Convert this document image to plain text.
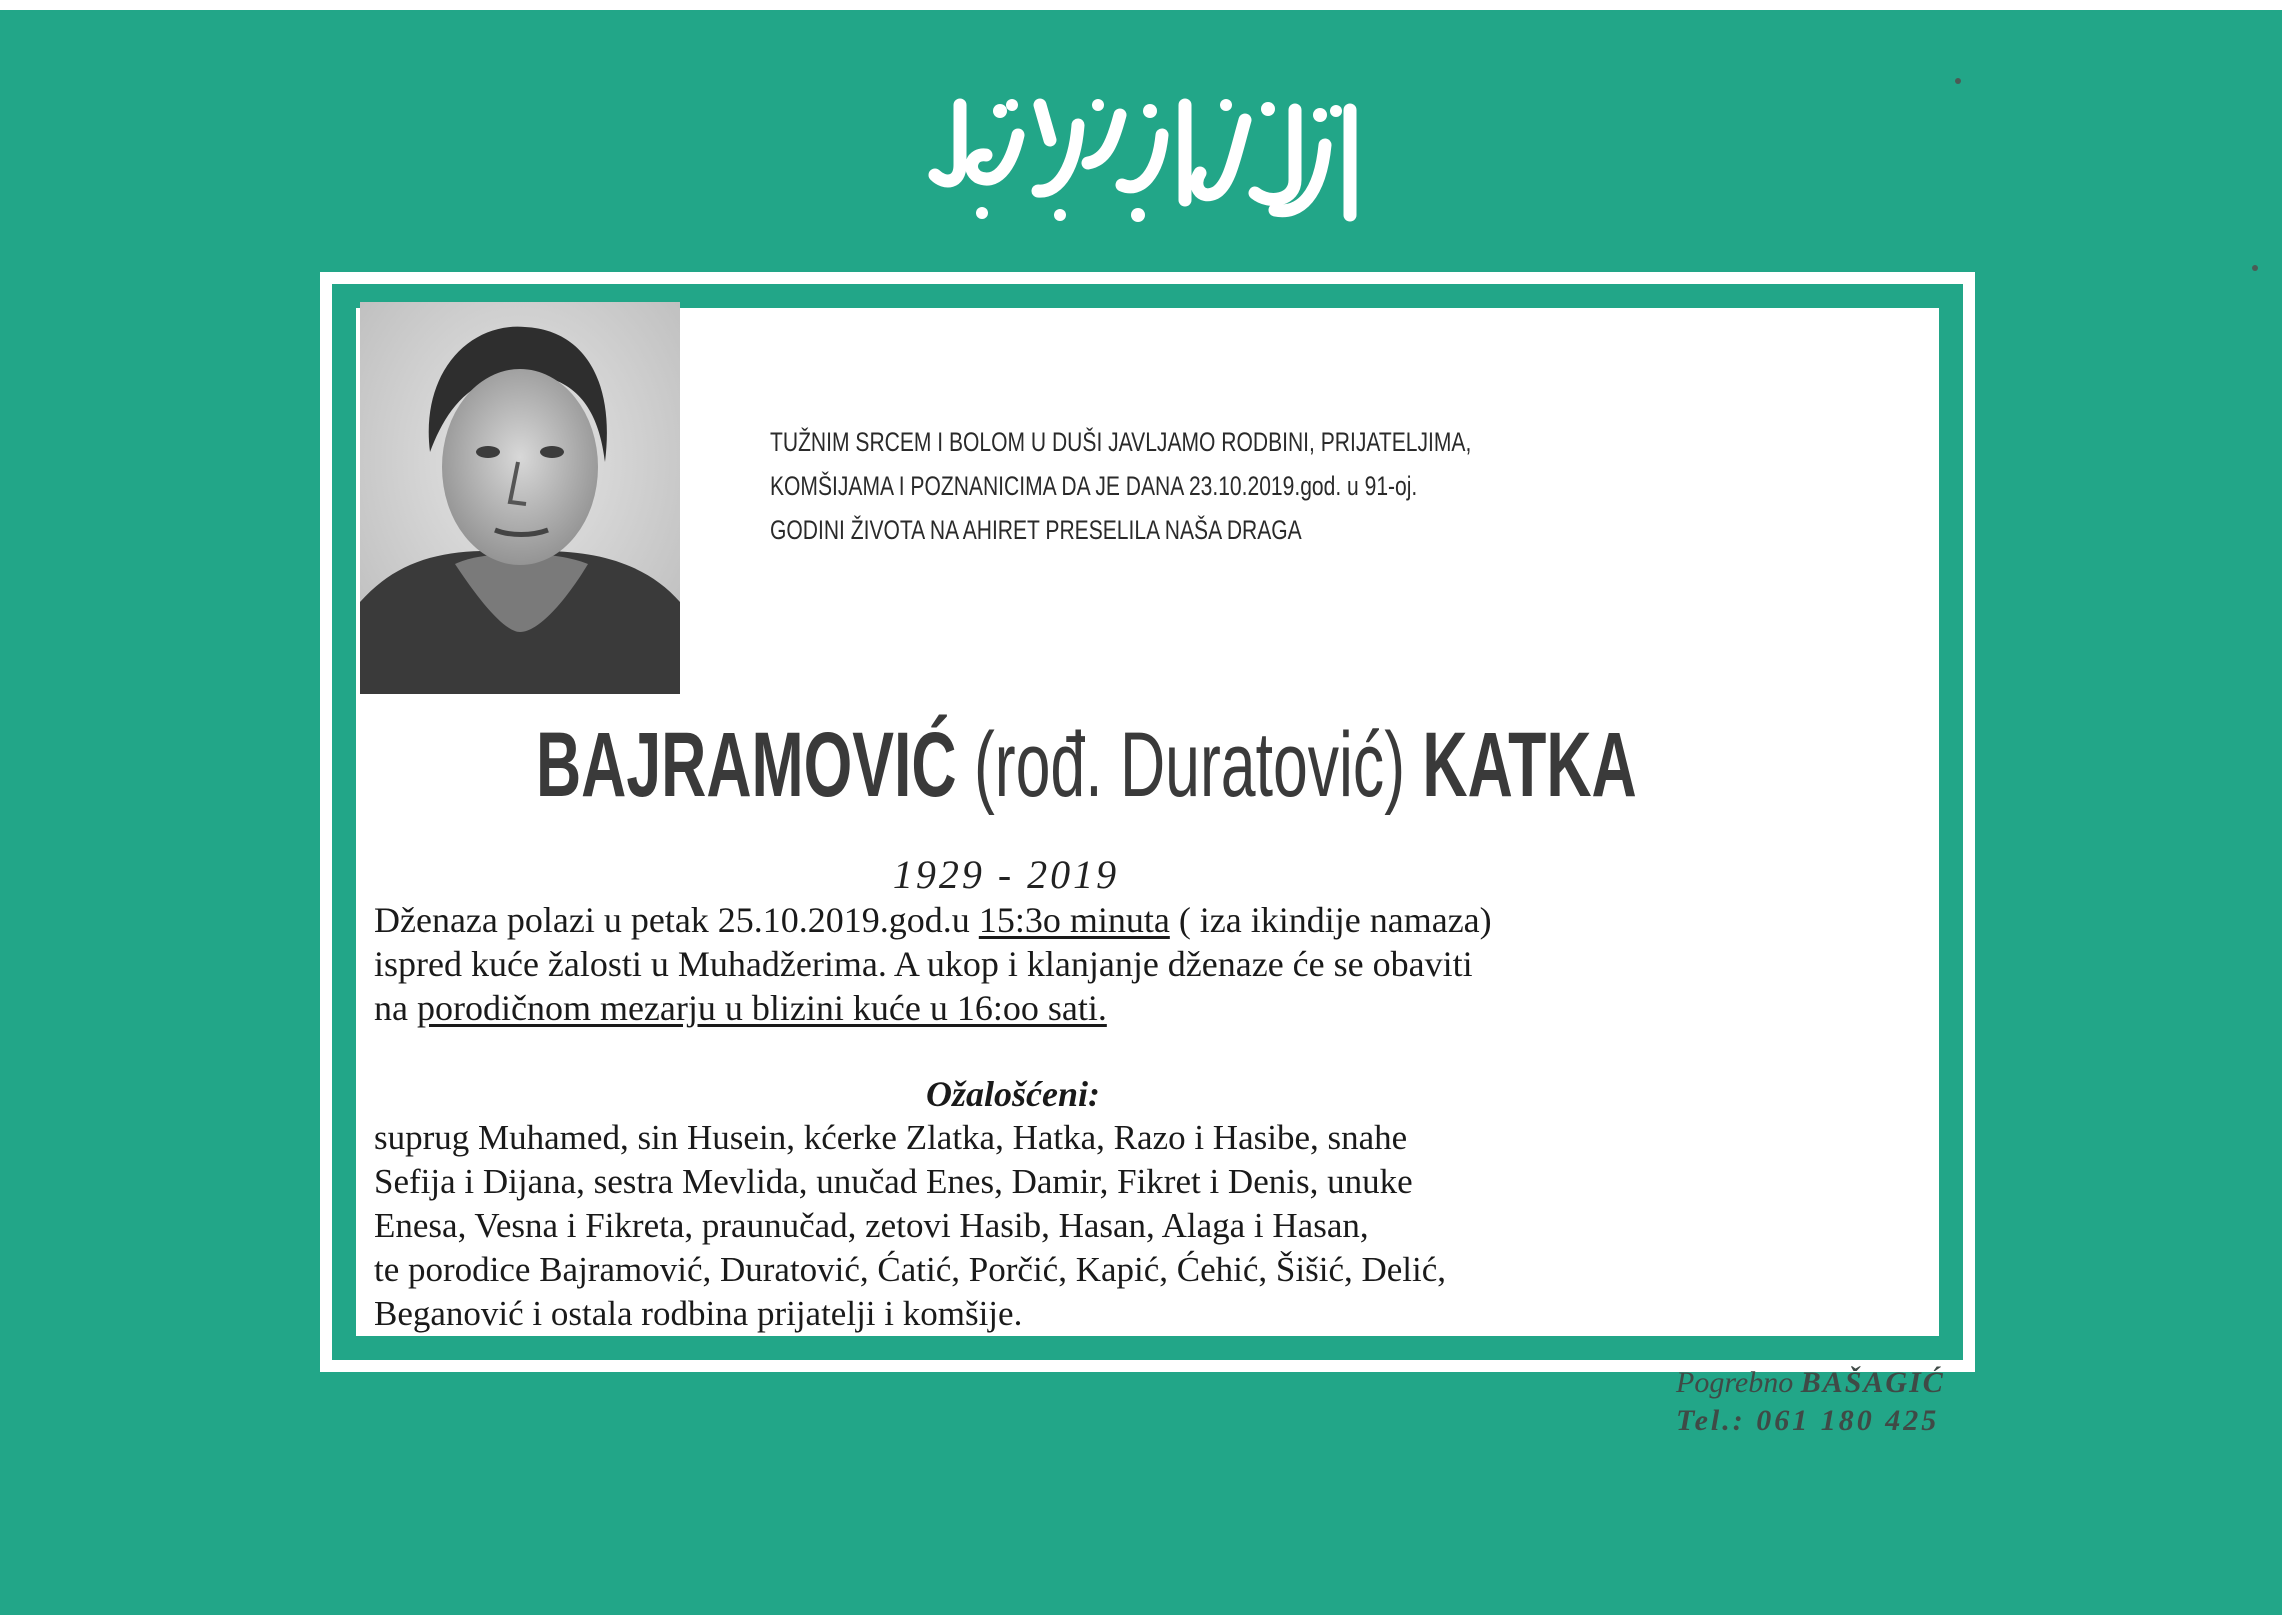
TUŽNIM SRCEM I BOLOM U DUŠI JAVLJAMO RODBINI, PRIJATELJIMA,
KOMŠIJAMA I POZNANICIMA DA JE DANA 23.10.2019.god. u 91-oj.
GODINI ŽIVOTA NA AHIRET PRESELILA NAŠA DRAGA
BAJRAMOVIĆ (rođ. Duratović) KATKA
1929 - 2019

Dženaza polazi u petak 25.10.2019.god.u 15:3o minuta ( iza ikindije namaza)

ispred kuće žalosti u Muhadžerima. A ukop i klanjanje dženaze će se obaviti

na porodičnom mezarju u blizini kuće u 16:oo sati.

Ožalošćeni:

suprug Muhamed, sin Husein, kćerke Zlatka, Hatka, Razo i Hasibe, snahe

Sefija i Dijana, sestra Mevlida, unučad Enes, Damir, Fikret i Denis, unuke

Enesa, Vesna i Fikreta, praunučad, zetovi Hasib, Hasan, Alaga i Hasan,

te porodice Bajramović, Duratović, Ćatić, Porčić, Kapić, Ćehić, Šišić, Delić,

Beganović i ostala rodbina prijatelji i komšije.

Pogrebno BAŠAGIĆ
Tel.: 061 180 425
